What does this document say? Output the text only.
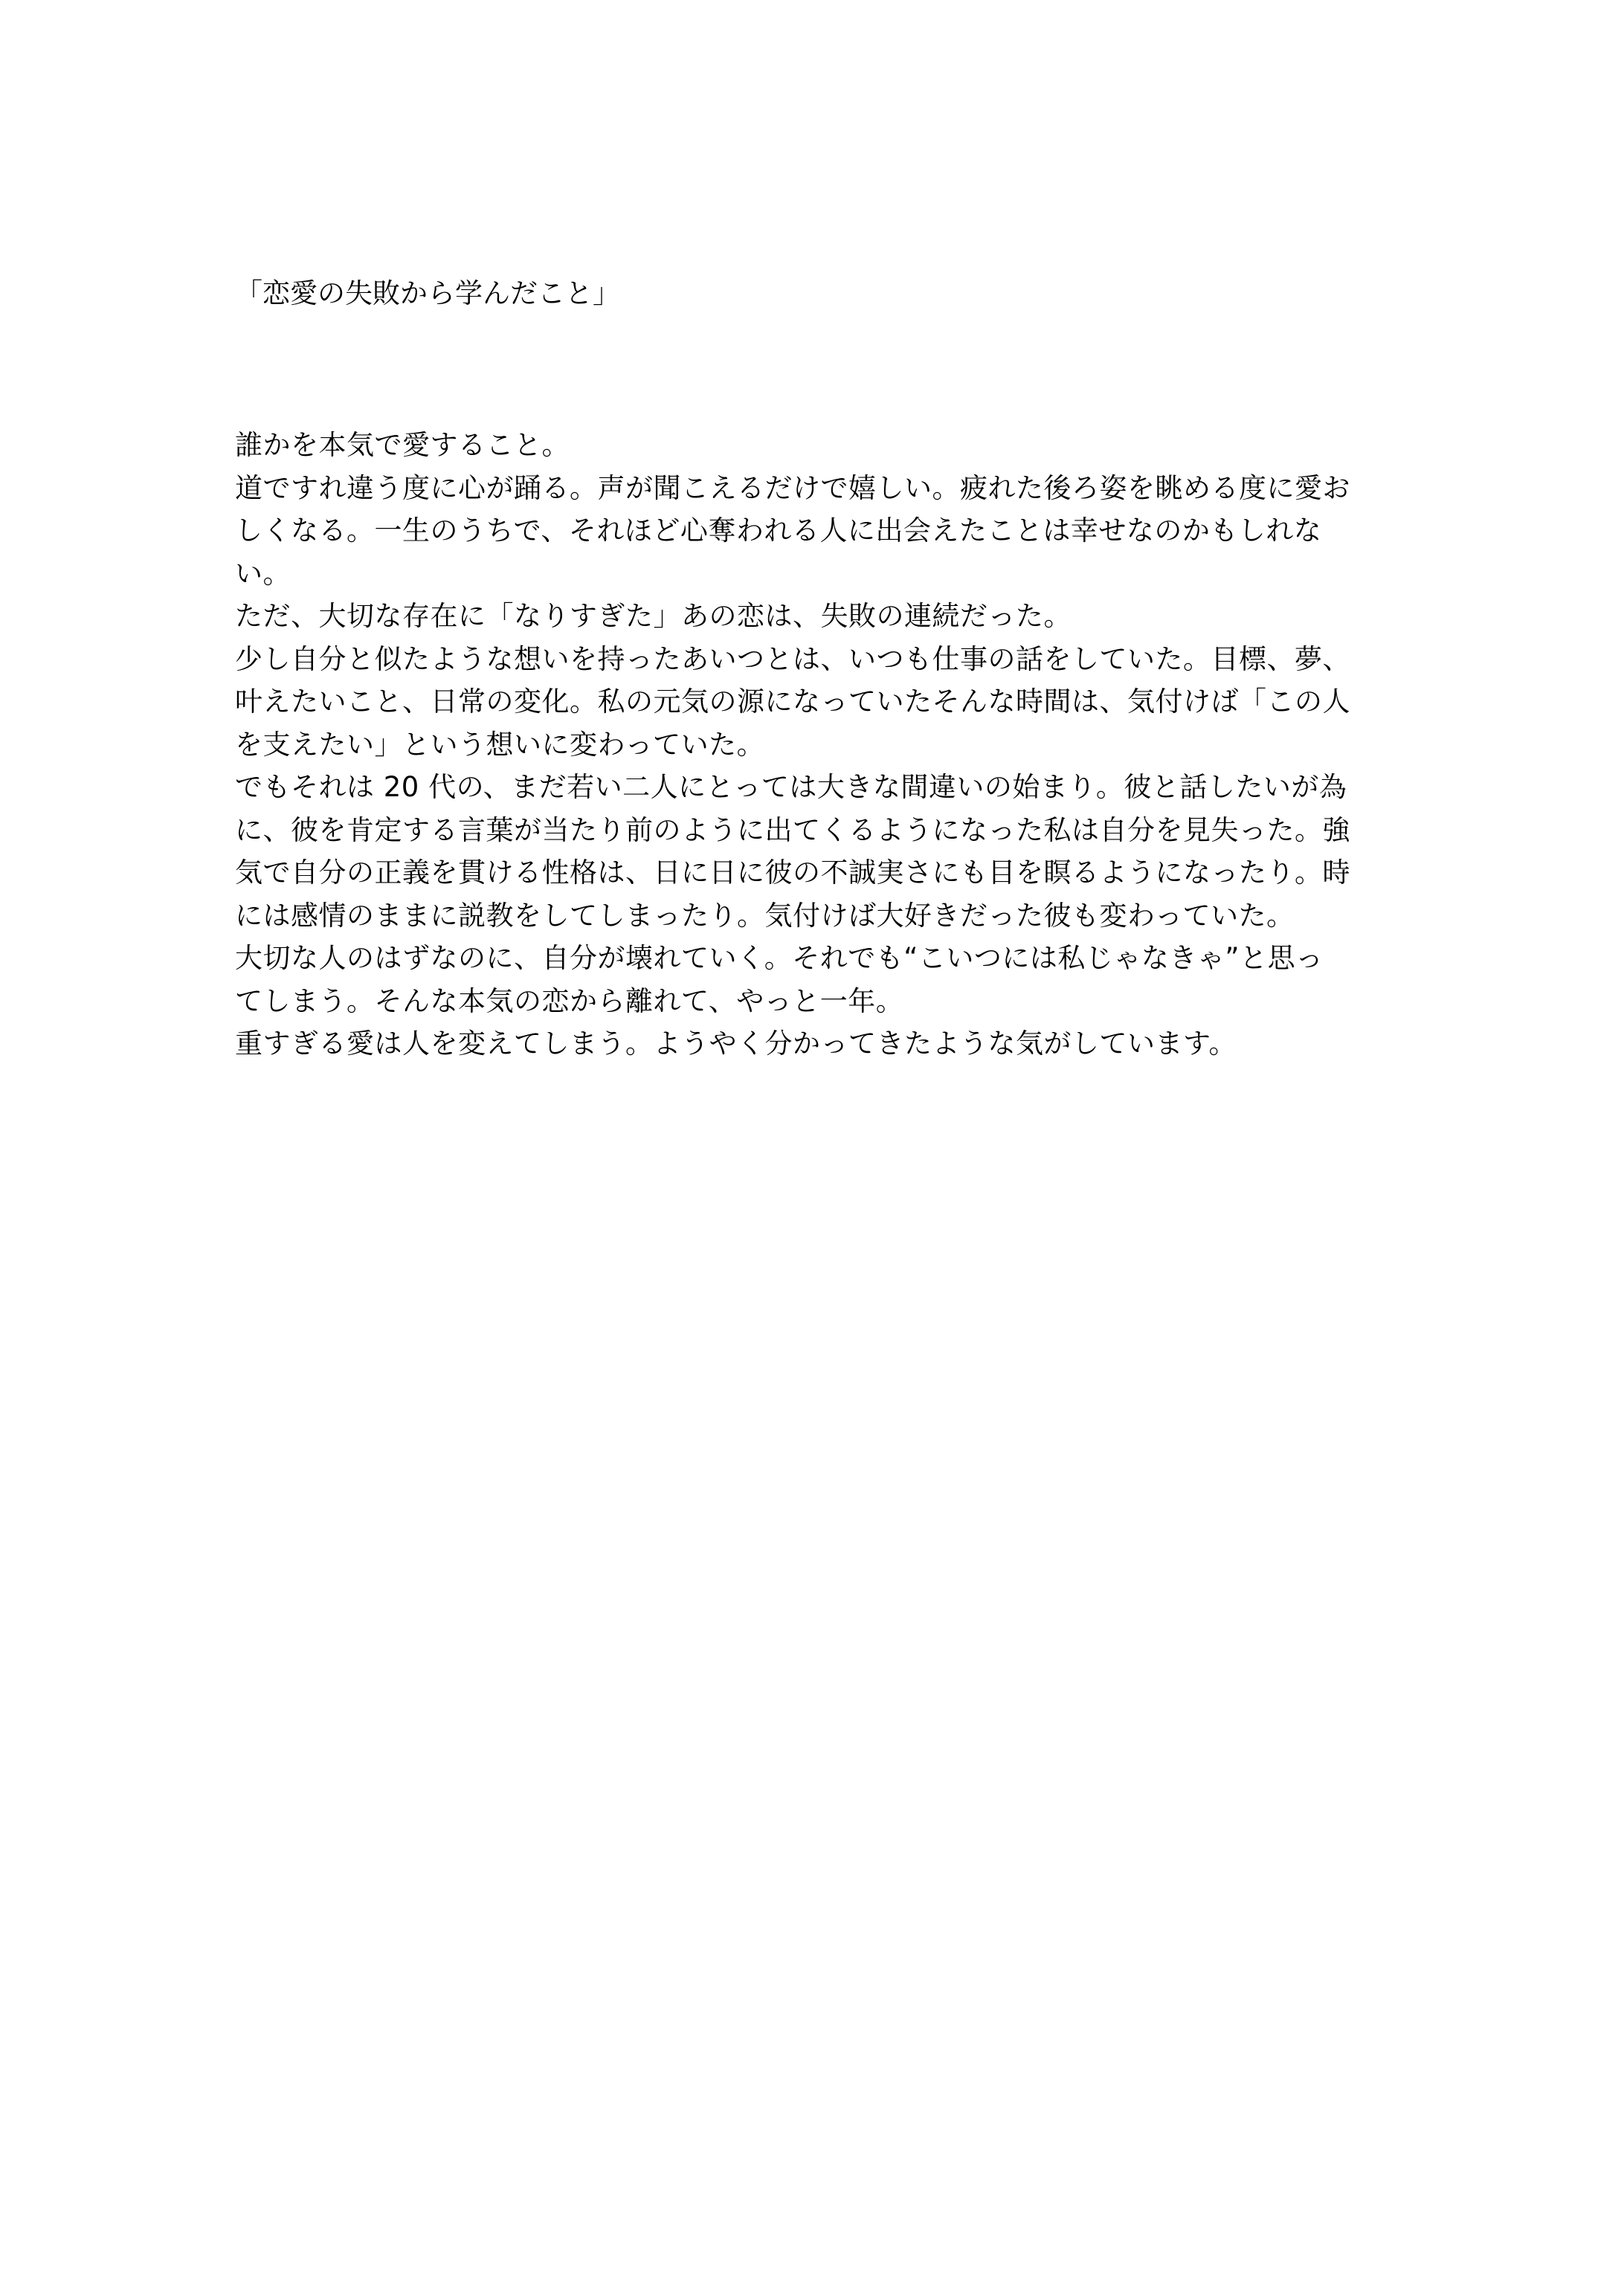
「恋愛の失敗から学んだこと」
誰かを本気で愛すること。
道ですれ違う度に心が踊る。声が聞こえるだけで嬉しい。疲れた後ろ姿を眺める度に愛お
しくなる。一生のうちで、それほど心奪われる人に出会えたことは幸せなのかもしれな
い。
ただ、大切な存在に「なりすぎた」あの恋は、失敗の連続だった。
少し自分と似たような想いを持ったあいつとは、いつも仕事の話をしていた。目標、夢、
叶えたいこと、日常の変化。私の元気の源になっていたそんな時間は、気付けば「この人
を支えたい」という想いに変わっていた。
でもそれは 20 代の、まだ若い二人にとっては大きな間違いの始まり。彼と話したいが為
に、彼を肯定する言葉が当たり前のように出てくるようになった私は自分を見失った。強
気で自分の正義を貫ける性格は、日に日に彼の不誠実さにも目を瞑るようになったり。時
には感情のままに説教をしてしまったり。気付けば大好きだった彼も変わっていた。
大切な人のはずなのに、自分が壊れていく。それでも“こいつには私じゃなきゃ”と思っ
てしまう。そんな本気の恋から離れて、やっと一年。
重すぎる愛は人を変えてしまう。ようやく分かってきたような気がしています。
